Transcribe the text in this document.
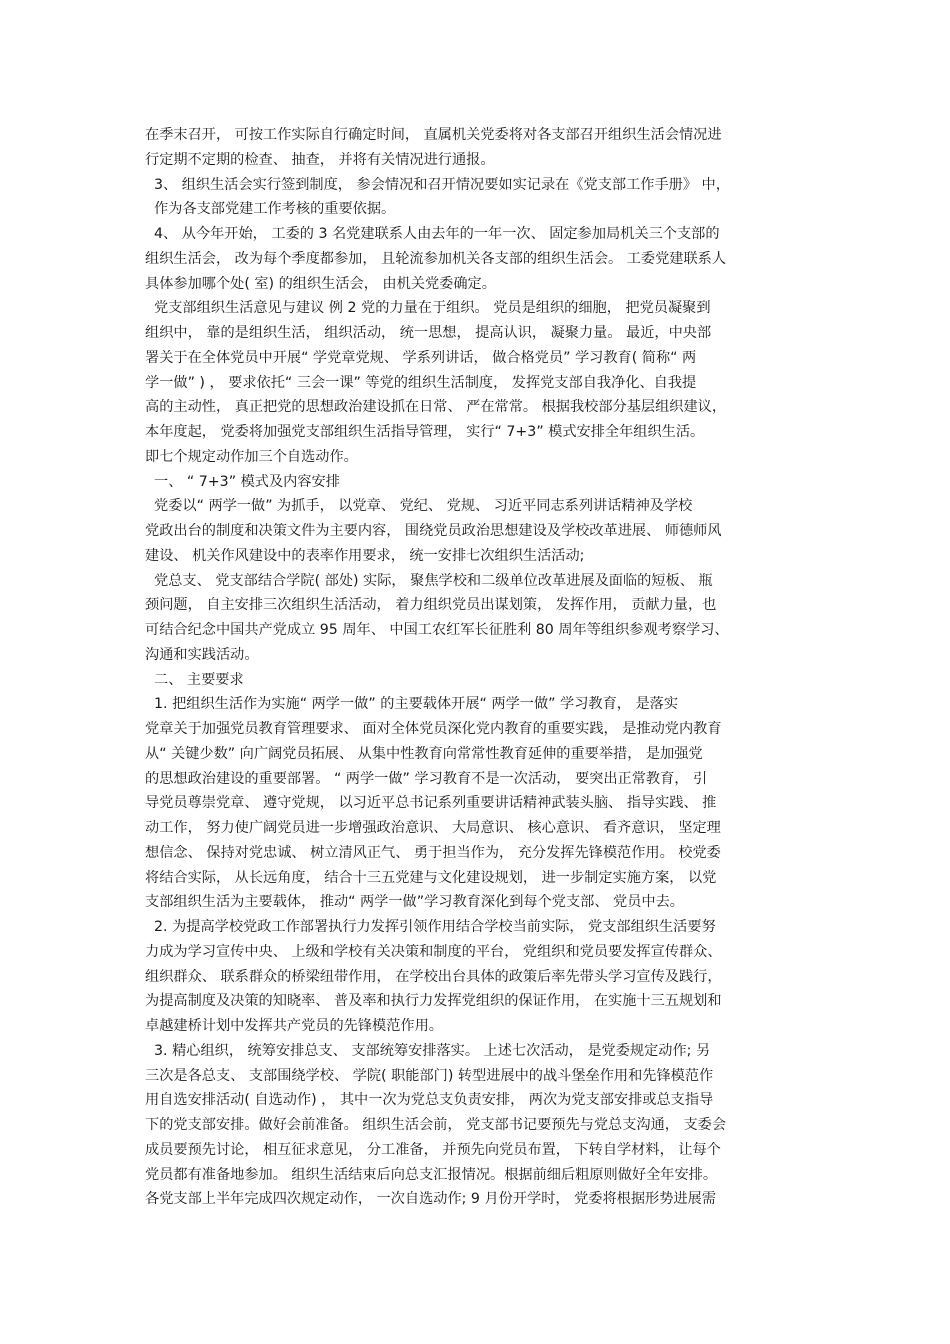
在季末召开， 可按工作实际自行确定时间， 直属机关党委将对各支部召开组织生活会情况进
行定期不定期的检查、 抽查， 并将有关情况进行通报。
3、 组织生活会实行签到制度， 参会情况和召开情况要如实记录在《党支部工作手册》 中，
作为各支部党建工作考核的重要依据。
4、 从今年开始， 工委的 3 名党建联系人由去年的一年一次、 固定参加局机关三个支部的
组织生活会， 改为每个季度都参加， 且轮流参加机关各支部的组织生活会。 工委党建联系人
具体参加哪个处( 室) 的组织生活会， 由机关党委确定。
党支部组织生活意见与建议 例 2 党的力量在于组织。 党员是组织的细胞， 把党员凝聚到
组织中， 靠的是组织生活， 组织活动， 统一思想， 提高认识， 凝聚力量。 最近，中央部
署关于在全体党员中开展“ 学党章党规、 学系列讲话， 做合格党员” 学习教育( 简称“ 两
学一做” ) ， 要求依托“ 三会一课” 等党的组织生活制度， 发挥党支部自我净化、自我提
高的主动性， 真正把党的思想政治建设抓在日常、 严在常常。 根据我校部分基层组织建议，
本年度起， 党委将加强党支部组织生活指导管理， 实行“ 7+3” 模式安排全年组织生活。
即七个规定动作加三个自选动作。
一、 “ 7+3” 模式及内容安排
党委以“ 两学一做” 为抓手， 以党章、 党纪、 党规、 习近平同志系列讲话精神及学校
党政出台的制度和决策文件为主要内容， 围绕党员政治思想建设及学校改革进展、 师德师风
建设、 机关作风建设中的表率作用要求， 统一安排七次组织生活活动;
党总支、 党支部结合学院( 部处) 实际， 聚焦学校和二级单位改革进展及面临的短板、 瓶
颈问题， 自主安排三次组织生活活动， 着力组织党员出谋划策， 发挥作用， 贡献力量，也
可结合纪念中国共产党成立 95 周年、 中国工农红军长征胜利 80 周年等组织参观考察学习、
沟通和实践活动。
二、 主要要求
1. 把组织生活作为实施“ 两学一做” 的主要载体开展“ 两学一做” 学习教育， 是落实
党章关于加强党员教育管理要求、 面对全体党员深化党内教育的重要实践， 是推动党内教育
从“ 关键少数” 向广阔党员拓展、 从集中性教育向常常性教育延伸的重要举措， 是加强党
的思想政治建设的重要部署。 “ 两学一做” 学习教育不是一次活动， 要突出正常教育， 引
导党员尊崇党章、 遵守党规， 以习近平总书记系列重要讲话精神武装头脑、 指导实践、 推
动工作， 努力使广阔党员进一步增强政治意识、 大局意识、 核心意识、 看齐意识， 坚定理
想信念、 保持对党忠诚、 树立清风正气、 勇于担当作为， 充分发挥先锋模范作用。 校党委
将结合实际， 从长远角度， 结合十三五党建与文化建设规划， 进一步制定实施方案， 以党
支部组织生活为主要载体， 推动“ 两学一做”学习教育深化到每个党支部、 党员中去。
2. 为提高学校党政工作部署执行力发挥引领作用结合学校当前实际， 党支部组织生活要努
力成为学习宣传中央、 上级和学校有关决策和制度的平台， 党组织和党员要发挥宣传群众、
组织群众、 联系群众的桥梁纽带作用， 在学校出台具体的政策后率先带头学习宣传及践行，
为提高制度及决策的知晓率、 普及率和执行力发挥党组织的保证作用， 在实施十三五规划和
卓越建桥计划中发挥共产党员的先锋模范作用。
3. 精心组织， 统筹安排总支、 支部统筹安排落实。 上述七次活动， 是党委规定动作; 另
三次是各总支、 支部围绕学校、 学院( 职能部门) 转型进展中的战斗堡垒作用和先锋模范作
用自选安排活动( 自选动作) ， 其中一次为党总支负责安排， 两次为党支部安排或总支指导
下的党支部安排。做好会前准备。 组织生活会前， 党支部书记要预先与党总支沟通， 支委会
成员要预先讨论， 相互征求意见， 分工准备， 并预先向党员布置， 下转自学材料， 让每个
党员都有准备地参加。 组织生活结束后向总支汇报情况。根据前细后粗原则做好全年安排。
各党支部上半年完成四次规定动作， 一次自选动作; 9 月份开学时， 党委将根据形势进展需
